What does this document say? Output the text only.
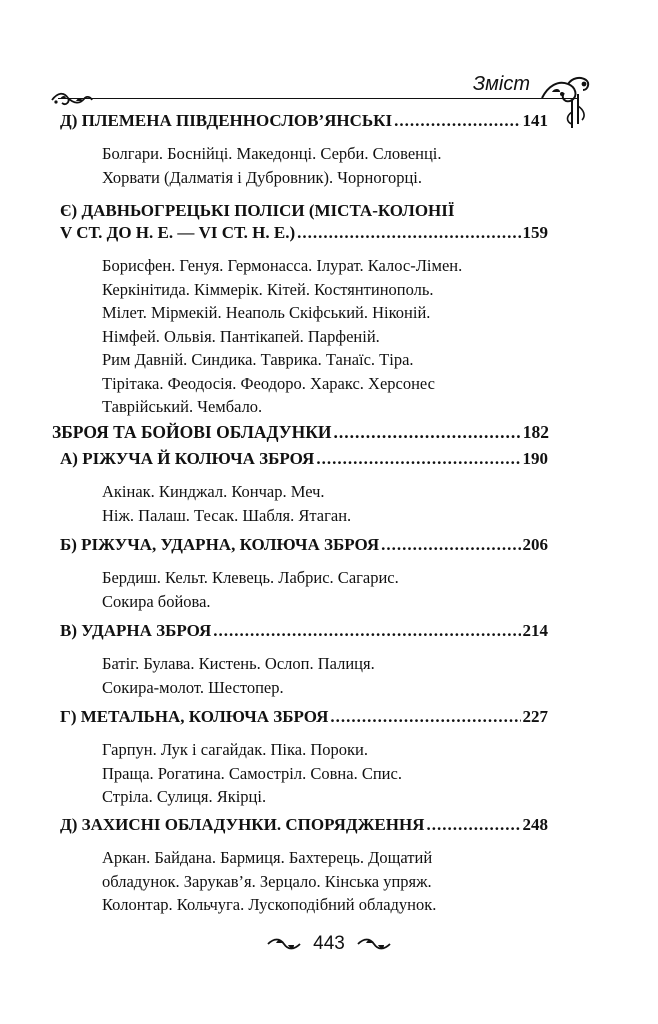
Зміст
Д) ПЛЕМЕНА ПІВДЕННОСЛОВ’ЯНСЬКІ .....	141
Болгари. Боснійці. Македонці. Серби. Словенці.
Хорвати (Далматія і Дубровник). Чорногорці.
Є) ДАВНЬОГРЕЦЬКІ ПОЛІСИ (МІСТА-КОЛОНІЇ
V СТ. ДО Н. Е. — VI СТ. Н. Е.) .....	159
Борисфен. Генуя. Гермонасса. Ілурат. Калос-Лімен.
Керкінітида. Кіммерік. Кітей. Костянтинополь.
Мілет. Мірмекій. Неаполь Скіфський. Ніконій.
Німфей. Ольвія. Пантікапей. Парфеній.
Рим Давній. Синдика. Таврика. Танаїс. Тіра.
Тірітака. Феодосія. Феодоро. Харакс. Херсонес
Таврійський. Чембало.
ЗБРОЯ ТА БОЙОВІ ОБЛАДУНКИ .....	182
А) РІЖУЧА Й КОЛЮЧА ЗБРОЯ .....	190
Акінак. Кинджал. Кончар. Меч.
Ніж. Палаш. Тесак. Шабля. Ятаган.
Б) РІЖУЧА, УДАРНА, КОЛЮЧА ЗБРОЯ .....	206
Бердиш. Кельт. Клевець. Лабрис. Сагарис.
Сокира бойова.
В) УДАРНА ЗБРОЯ .....	214
Батіг. Булава. Кистень. Ослоп. Палиця.
Сокира-молот. Шестопер.
Г) МЕТАЛЬНА, КОЛЮЧА ЗБРОЯ .....	227
Гарпун. Лук і сагайдак. Піка. Пороки.
Праща. Рогатина. Самостріл. Совна. Спис.
Стріла. Сулиця. Якірці.
Д) ЗАХИСНІ ОБЛАДУНКИ. СПОРЯДЖЕННЯ .....	248
Аркан. Байдана. Бармиця. Бахтерець. Дощатий
обладунок. Зарукав’я. Зерцало. Кінська упряж.
Колонтар. Кольчуга. Лускоподібний обладунок.
443
